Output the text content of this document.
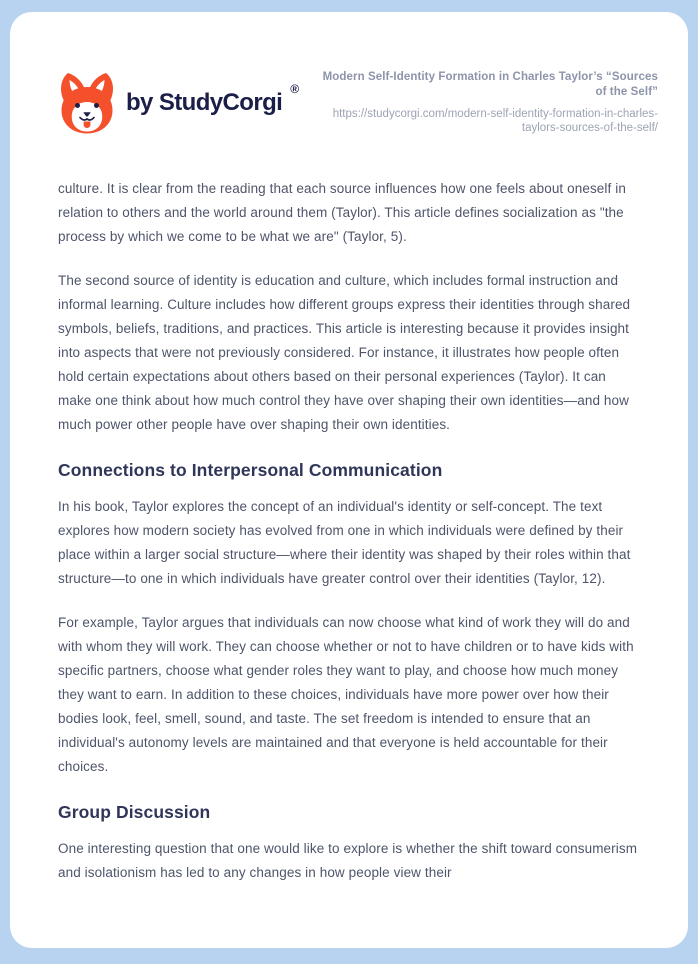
by StudyCorgi ®
Modern Self-Identity Formation in Charles Taylor’s “Sources of the Self”
https://studycorgi.com/modern-self-identity-formation-in-charles-taylors-sources-of-the-self/

culture. It is clear from the reading that each source influences how one feels about oneself in relation to others and the world around them (Taylor). This article defines socialization as "the process by which we come to be what we are" (Taylor, 5).

The second source of identity is education and culture, which includes formal instruction and informal learning. Culture includes how different groups express their identities through shared symbols, beliefs, traditions, and practices. This article is interesting because it provides insight into aspects that were not previously considered. For instance, it illustrates how people often hold certain expectations about others based on their personal experiences (Taylor). It can make one think about how much control they have over shaping their own identities—and how much power other people have over shaping their own identities.

Connections to Interpersonal Communication

In his book, Taylor explores the concept of an individual's identity or self-concept. The text explores how modern society has evolved from one in which individuals were defined by their place within a larger social structure—where their identity was shaped by their roles within that structure—to one in which individuals have greater control over their identities (Taylor, 12).

For example, Taylor argues that individuals can now choose what kind of work they will do and with whom they will work. They can choose whether or not to have children or to have kids with specific partners, choose what gender roles they want to play, and choose how much money they want to earn. In addition to these choices, individuals have more power over how their bodies look, feel, smell, sound, and taste. The set freedom is intended to ensure that an individual's autonomy levels are maintained and that everyone is held accountable for their choices.

Group Discussion

One interesting question that one would like to explore is whether the shift toward consumerism and isolationism has led to any changes in how people view their
